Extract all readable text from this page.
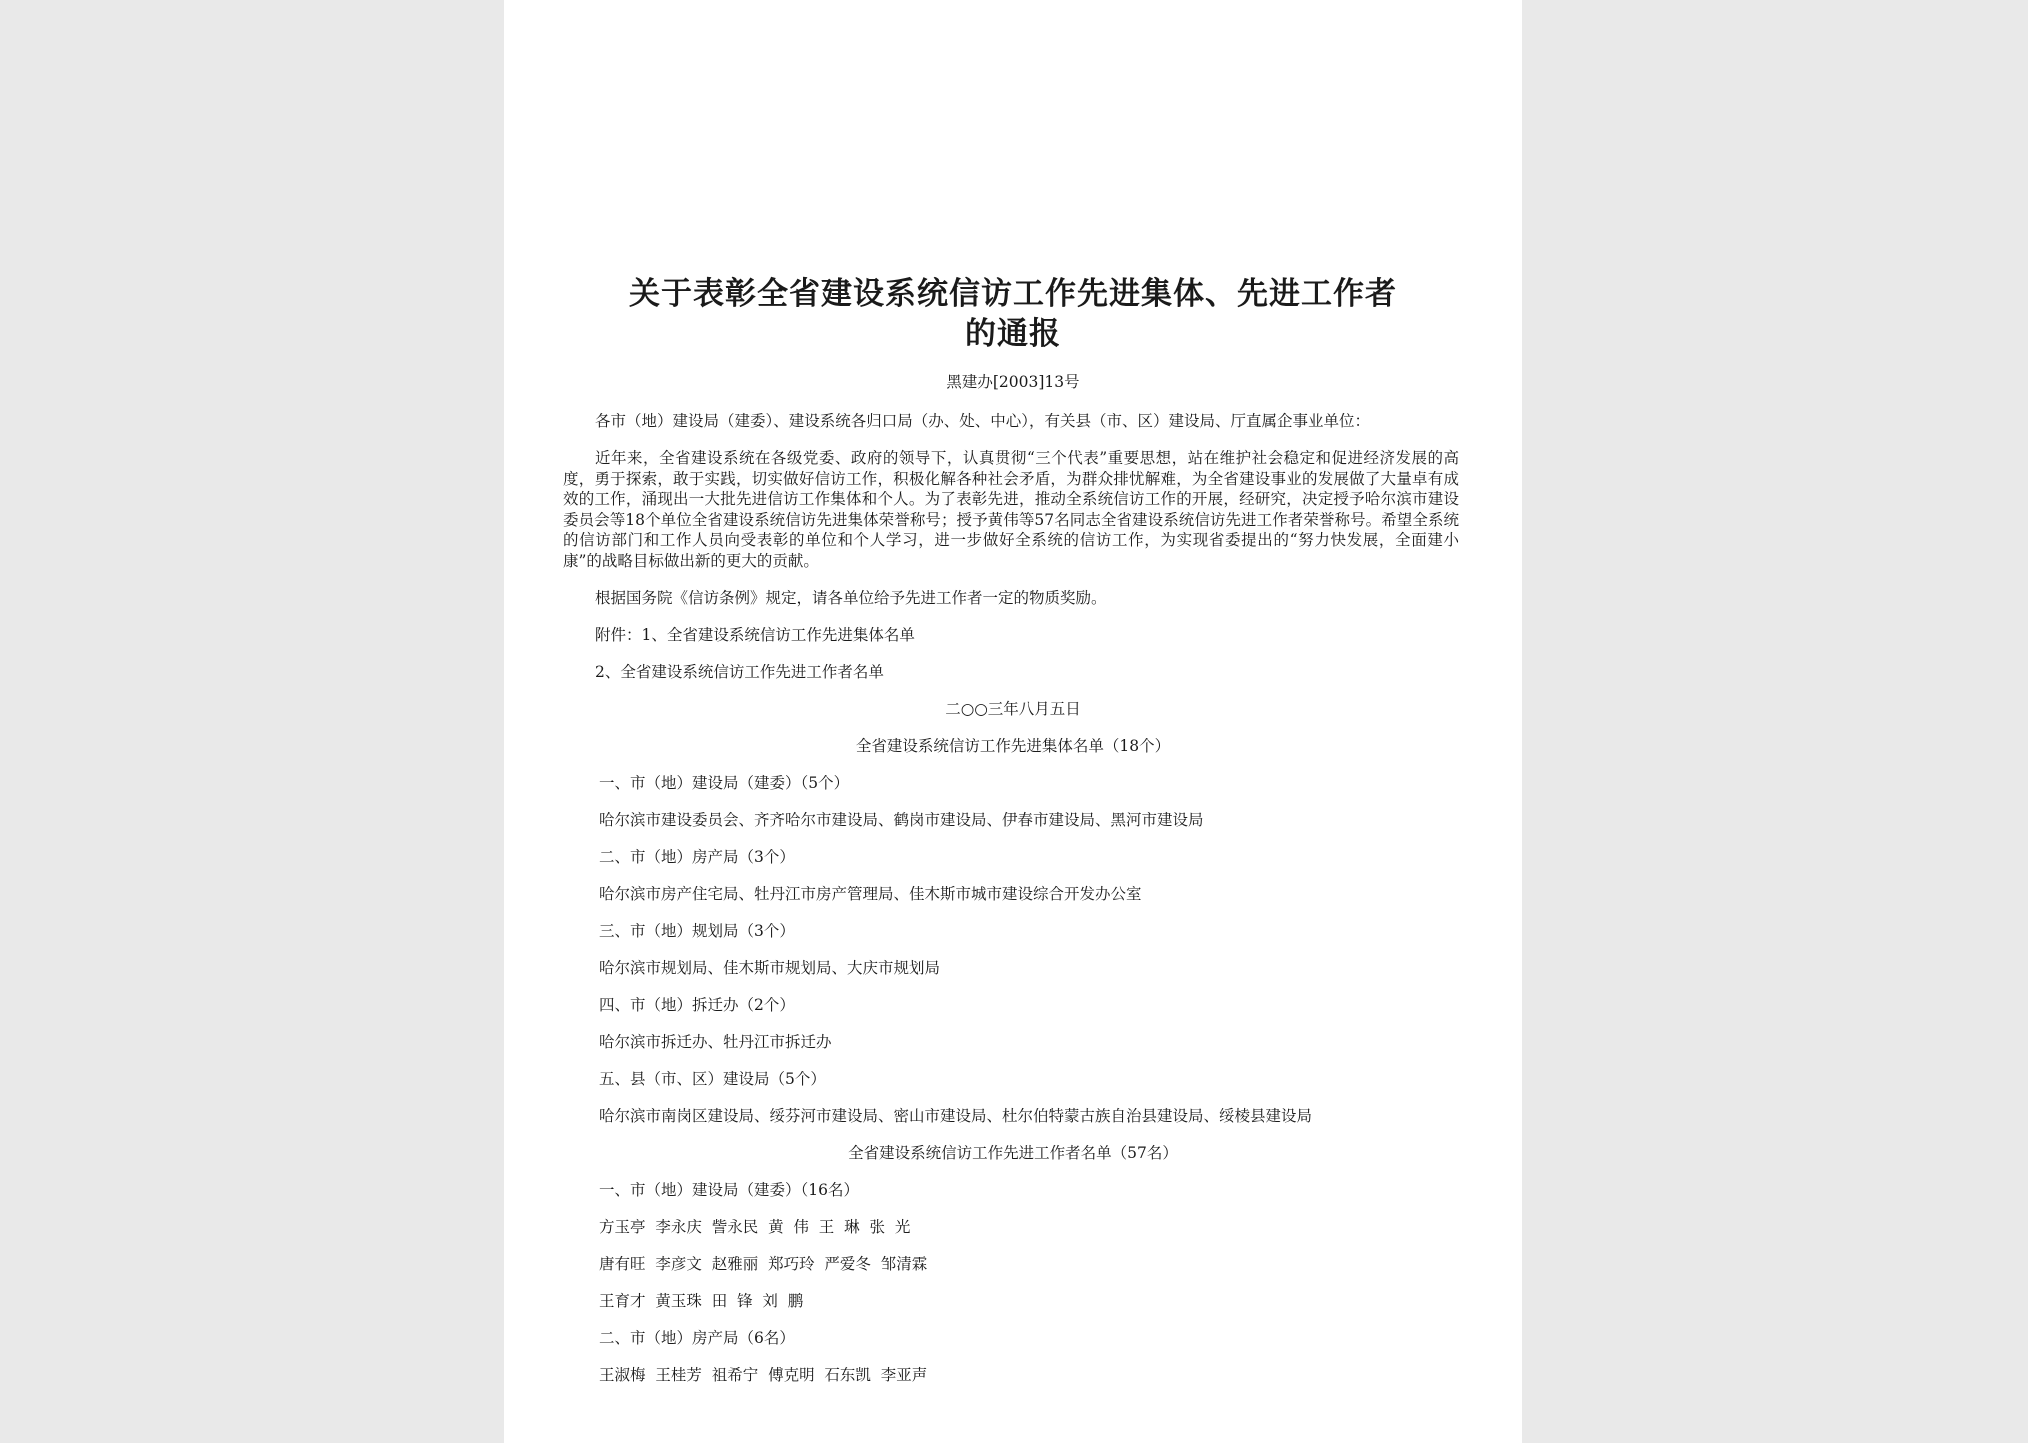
关于表彰全省建设系统信访工作先进集体、先进工作者
的通报
黑建办[2003]13号
各市（地）建设局（建委）、建设系统各归口局（办、处、中心），有关县（市、区）建设局、厅直属企事业单位：
近年来，全省建设系统在各级党委、政府的领导下，认真贯彻“三个代表”重要思想，站在维护社会稳定和促进经济发展的高度，勇于探索，敢于实践，切实做好信访工作，积极化解各种社会矛盾，为群众排忧解难，为全省建设事业的发展做了大量卓有成效的工作，涌现出一大批先进信访工作集体和个人。为了表彰先进，推动全系统信访工作的开展，经研究，决定授予哈尔滨市建设委员会等18个单位全省建设系统信访先进集体荣誉称号；授予黄伟等57名同志全省建设系统信访先进工作者荣誉称号。希望全系统的信访部门和工作人员向受表彰的单位和个人学习，进一步做好全系统的信访工作，为实现省委提出的“努力快发展，全面建小康”的战略目标做出新的更大的贡献。
根据国务院《信访条例》规定，请各单位给予先进工作者一定的物质奖励。
附件：1、全省建设系统信访工作先进集体名单
2、全省建设系统信访工作先进工作者名单
二○○三年八月五日
全省建设系统信访工作先进集体名单（18个）
一、市（地）建设局（建委）（5个）
哈尔滨市建设委员会、齐齐哈尔市建设局、鹤岗市建设局、伊春市建设局、黑河市建设局
二、市（地）房产局（3个）
哈尔滨市房产住宅局、牡丹江市房产管理局、佳木斯市城市建设综合开发办公室
三、市（地）规划局（3个）
哈尔滨市规划局、佳木斯市规划局、大庆市规划局
四、市（地）拆迁办（2个）
哈尔滨市拆迁办、牡丹江市拆迁办
五、县（市、区）建设局（5个）
哈尔滨市南岗区建设局、绥芬河市建设局、密山市建设局、杜尔伯特蒙古族自治县建设局、绥棱县建设局
全省建设系统信访工作先进工作者名单（57名）
一、市（地）建设局（建委）（16名）
方玉亭  李永庆  訾永民  黄  伟  王  琳  张  光
唐有旺  李彦文  赵雅丽  郑巧玲  严爱冬  邹清霖
王育才  黄玉珠  田  锋  刘  鹏
二、市（地）房产局（6名）
王淑梅  王桂芳  祖希宁  傅克明  石东凯  李亚声
